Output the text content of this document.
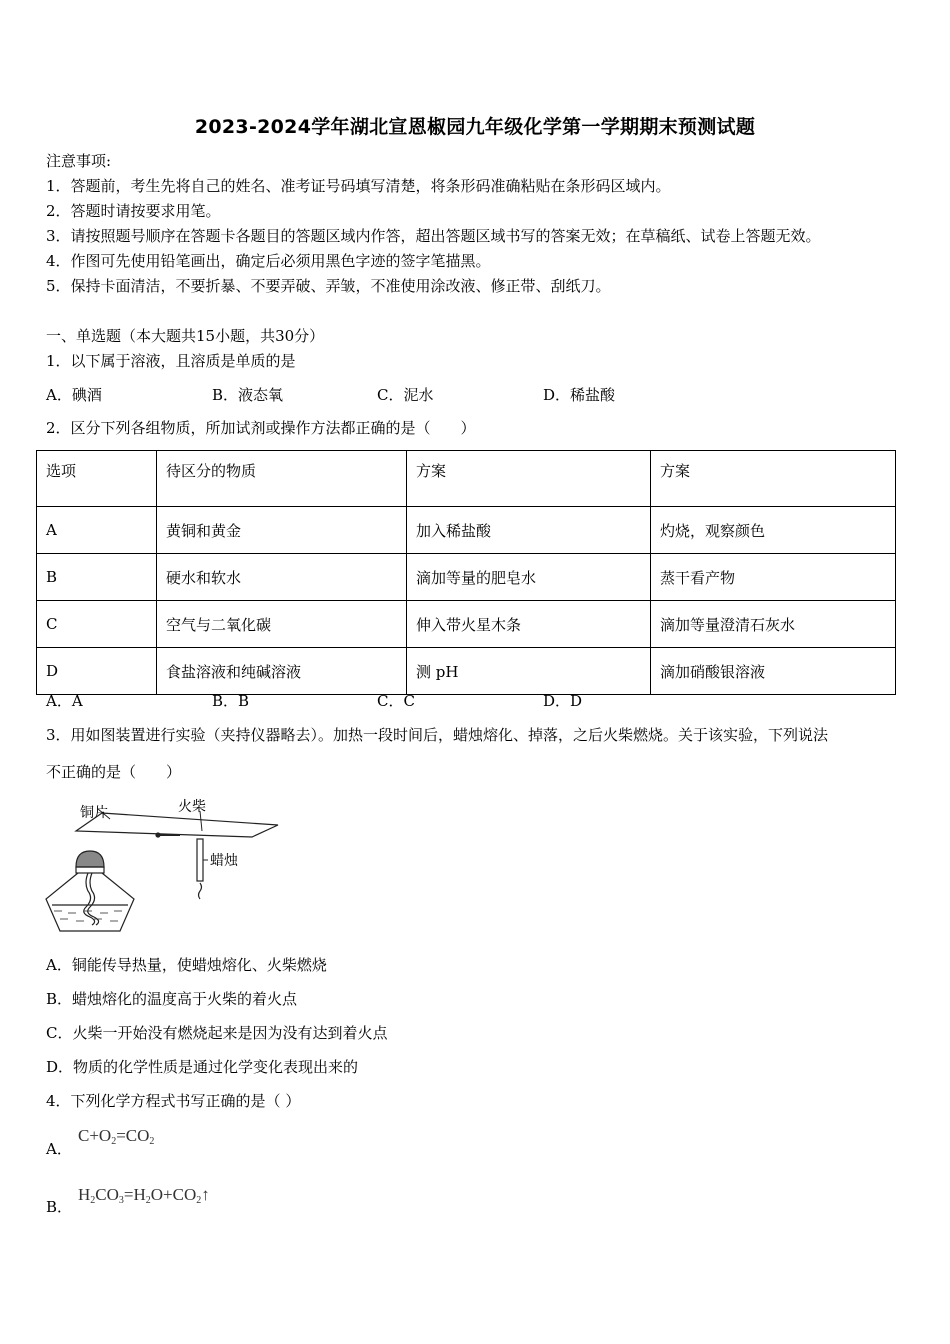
2023-2024学年湖北宣恩椒园九年级化学第一学期期末预测试题
注意事项:
1．答题前，考生先将自己的姓名、准考证号码填写清楚，将条形码准确粘贴在条形码区域内。
2．答题时请按要求用笔。
3．请按照题号顺序在答题卡各题目的答题区域内作答，超出答题区域书写的答案无效；在草稿纸、试卷上答题无效。
4．作图可先使用铅笔画出，确定后必须用黑色字迹的签字笔描黑。
5．保持卡面清洁，不要折暴、不要弄破、弄皱，不准使用涂改液、修正带、刮纸刀。
一、单选题（本大题共15小题，共30分）
1．以下属于溶液，且溶质是单质的是
A．碘酒	B．液态氧	C．泥水	D．稀盐酸
2．区分下列各组物质，所加试剂或操作方法都正确的是（　　）
选项	待区分的物质	方案	方案
A	黄铜和黄金	加入稀盐酸	灼烧，观察颜色
B	硬水和软水	滴加等量的肥皂水	蒸干看产物
C	空气与二氧化碳	伸入带火星木条	滴加等量澄清石灰水
D	食盐溶液和纯碱溶液	测 pH	滴加硝酸银溶液
A．A	B．B	C．C	D．D
3．用如图装置进行实验（夹持仪器略去）。加热一段时间后，蜡烛熔化、掉落，之后火柴燃烧。关于该实验，下列说法
不正确的是（　　）
铜片	火柴
蜡烛
A．铜能传导热量，使蜡烛熔化、火柴燃烧
B．蜡烛熔化的温度高于火柴的着火点
C．火柴一开始没有燃烧起来是因为没有达到着火点
D．物质的化学性质是通过化学变化表现出来的
4．下列化学方程式书写正确的是（ ）
A．
$C+O_2=CO_2$
B．
$H_2CO_3=H_2O+CO_2↑$
